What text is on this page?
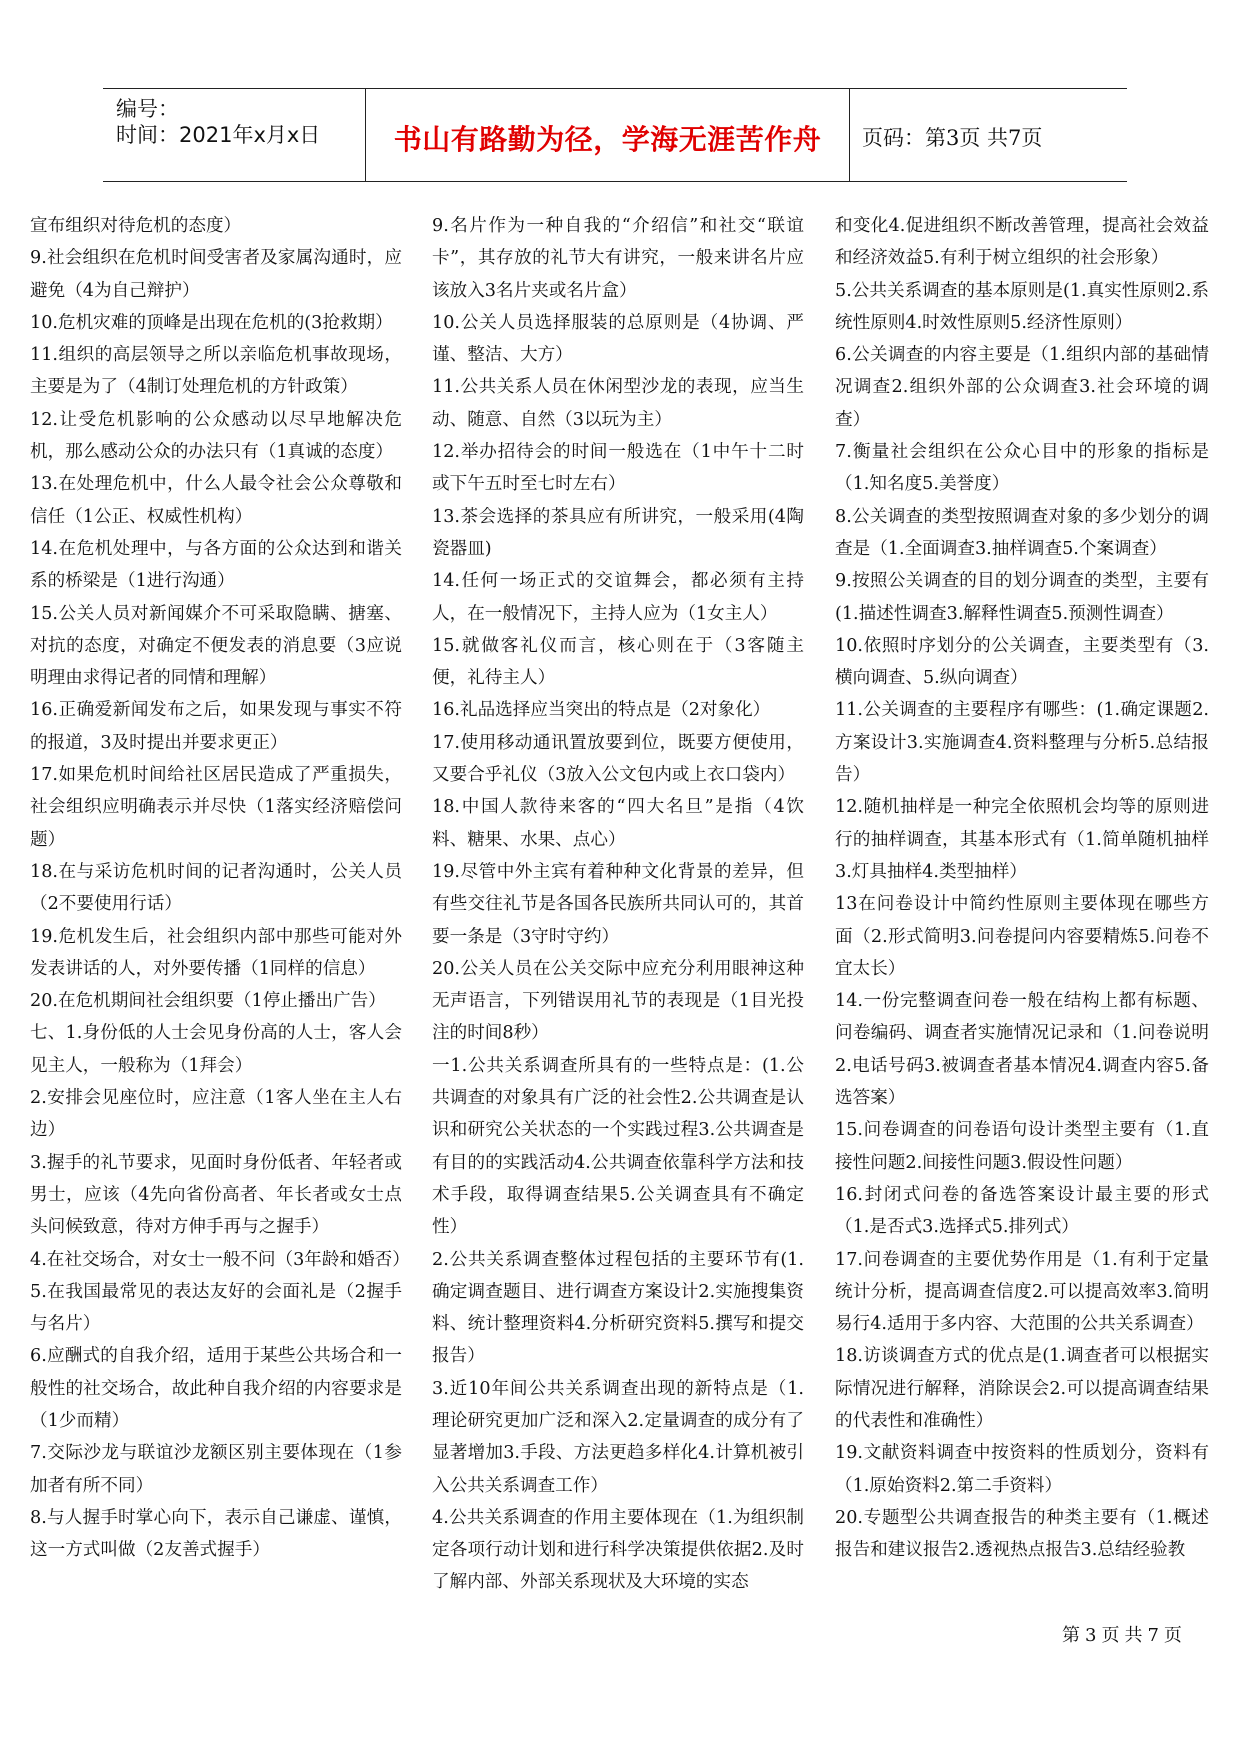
编号：
时间：2021年x月x日	书山有路勤为径，学海无涯苦作舟	页码：第3页 共7页

宣布组织对待危机的态度）

9.社会组织在危机时间受害者及家属沟通时，应避免（4为自己辩护）

10.危机灾难的顶峰是出现在危机的(3抢救期）

11.组织的高层领导之所以亲临危机事故现场，主要是为了（4制订处理危机的方针政策）

12.让受危机影响的公众感动以尽早地解决危机，那么感动公众的办法只有（1真诚的态度）

13.在处理危机中，什么人最令社会公众尊敬和信任（1公正、权威性机构）

14.在危机处理中，与各方面的公众达到和谐关系的桥梁是（1进行沟通）

15.公关人员对新闻媒介不可采取隐瞒、搪塞、对抗的态度，对确定不便发表的消息要（3应说明理由求得记者的同情和理解）

16.正确爱新闻发布之后，如果发现与事实不符的报道，3及时提出并要求更正）

17.如果危机时间给社区居民造成了严重损失，社会组织应明确表示并尽快（1落实经济赔偿问题）

18.在与采访危机时间的记者沟通时，公关人员（2不要使用行话）

19.危机发生后，社会组织内部中那些可能对外发表讲话的人，对外要传播（1同样的信息）

20.在危机期间社会组织要（1停止播出广告）

七、1.身份低的人士会见身份高的人士，客人会见主人，一般称为（1拜会）

2.安排会见座位时，应注意（1客人坐在主人右边）

3.握手的礼节要求，见面时身份低者、年轻者或男士，应该（4先向省份高者、年长者或女士点头问候致意，待对方伸手再与之握手）

4.在社交场合，对女士一般不问（3年龄和婚否）

5.在我国最常见的表达友好的会面礼是（2握手与名片）

6.应酬式的自我介绍，适用于某些公共场合和一般性的社交场合，故此种自我介绍的内容要求是（1少而精）

7.交际沙龙与联谊沙龙额区别主要体现在（1参加者有所不同）

8.与人握手时掌心向下，表示自己谦虚、谨慎，这一方式叫做（2友善式握手）

9.名片作为一种自我的“介绍信”和社交“联谊卡”，其存放的礼节大有讲究，一般来讲名片应该放入3名片夹或名片盒）

10.公关人员选择服装的总原则是（4协调、严谨、整洁、大方）

11.公共关系人员在休闲型沙龙的表现，应当生动、随意、自然（3以玩为主）

12.举办招待会的时间一般选在（1中午十二时或下午五时至七时左右）

13.茶会选择的茶具应有所讲究，一般采用(4陶瓷器皿)

14.任何一场正式的交谊舞会，都必须有主持人，在一般情况下，主持人应为（1女主人）

15.就做客礼仪而言，核心则在于（3客随主便，礼待主人）

16.礼品选择应当突出的特点是（2对象化）

17.使用移动通讯置放要到位，既要方便使用，又要合乎礼仪（3放入公文包内或上衣口袋内）

18.中国人款待来客的“四大名旦”是指（4饮料、糖果、水果、点心）

19.尽管中外主宾有着种种文化背景的差异，但有些交往礼节是各国各民族所共同认可的，其首要一条是（3守时守约）

20.公关人员在公关交际中应充分利用眼神这种无声语言，下列错误用礼节的表现是（1目光投注的时间8秒）

一1.公共关系调查所具有的一些特点是：(1.公共调查的对象具有广泛的社会性2.公共调查是认识和研究公关状态的一个实践过程3.公共调查是有目的的实践活动4.公共调查依靠科学方法和技术手段，取得调查结果5.公关调查具有不确定性）

2.公共关系调查整体过程包括的主要环节有(1.确定调查题目、进行调查方案设计2.实施搜集资料、统计整理资料4.分析研究资料5.撰写和提交报告）

3.近10年间公共关系调查出现的新特点是（1.理论研究更加广泛和深入2.定量调查的成分有了显著增加3.手段、方法更趋多样化4.计算机被引入公共关系调查工作）

4.公共关系调查的作用主要体现在（1.为组织制定各项行动计划和进行科学决策提供依据2.及时了解内部、外部关系现状及大环境的实态

和变化4.促进组织不断改善管理，提高社会效益和经济效益5.有利于树立组织的社会形象）

5.公共关系调查的基本原则是(1.真实性原则2.系统性原则4.时效性原则5.经济性原则）

6.公关调查的内容主要是（1.组织内部的基础情况调查2.组织外部的公众调查3.社会环境的调查）

7.衡量社会组织在公众心目中的形象的指标是（1.知名度5.美誉度）

8.公关调查的类型按照调查对象的多少划分的调查是（1.全面调查3.抽样调查5.个案调查）

9.按照公关调查的目的划分调查的类型，主要有(1.描述性调查3.解释性调查5.预测性调查）

10.依照时序划分的公关调查，主要类型有（3.横向调查、5.纵向调查）

11.公关调查的主要程序有哪些：(1.确定课题2.方案设计3.实施调查4.资料整理与分析5.总结报告）

12.随机抽样是一种完全依照机会均等的原则进行的抽样调查，其基本形式有（1.简单随机抽样3.灯具抽样4.类型抽样）

13在问卷设计中简约性原则主要体现在哪些方面（2.形式简明3.问卷提问内容要精炼5.问卷不宜太长）

14.一份完整调查问卷一般在结构上都有标题、问卷编码、调查者实施情况记录和（1.问卷说明2.电话号码3.被调查者基本情况4.调查内容5.备选答案）

15.问卷调查的问卷语句设计类型主要有（1.直接性问题2.间接性问题3.假设性问题）

16.封闭式问卷的备选答案设计最主要的形式（1.是否式3.选择式5.排列式）

17.问卷调查的主要优势作用是（1.有利于定量统计分析，提高调查信度2.可以提高效率3.简明易行4.适用于多内容、大范围的公共关系调查）

18.访谈调查方式的优点是(1.调查者可以根据实际情况进行解释，消除误会2.可以提高调查结果的代表性和准确性）

19.文献资料调查中按资料的性质划分，资料有（1.原始资料2.第二手资料）

20.专题型公共调查报告的种类主要有（1.概述报告和建议报告2.透视热点报告3.总结经验教

第3页共7页
